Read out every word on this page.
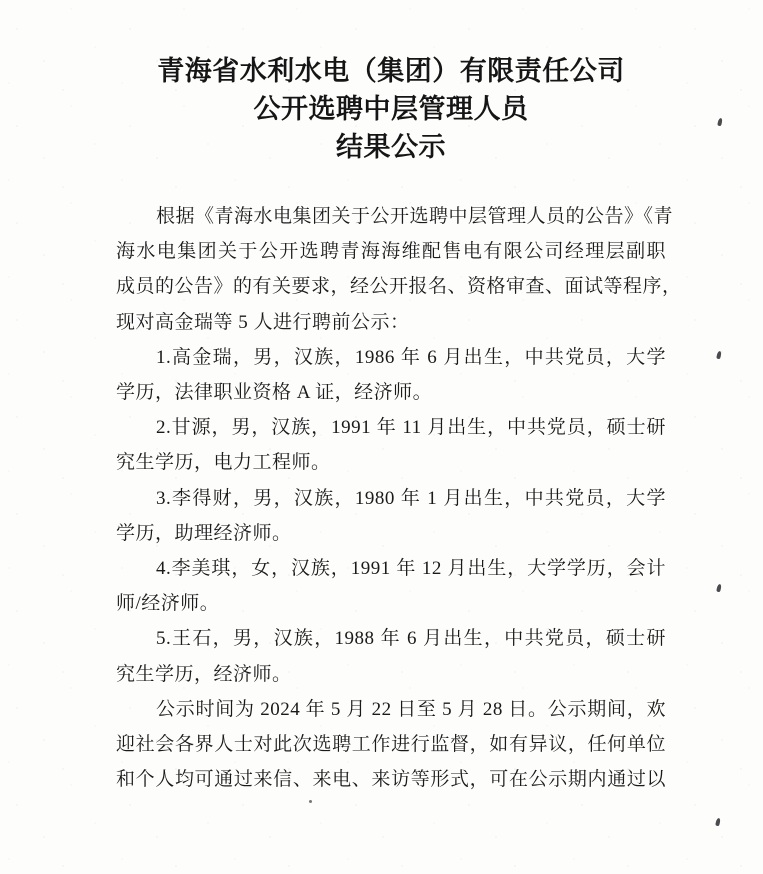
青海省水利水电（集团）有限责任公司
公开选聘中层管理人员
结果公示
根据《青海水电集团关于公开选聘中层管理人员的公告》《青
海水电集团关于公开选聘青海海维配售电有限公司经理层副职
成员的公告》的有关要求，经公开报名、资格审查、面试等程序，
现对高金瑞等 5 人进行聘前公示：
1.高金瑞，男，汉族，1986 年 6 月出生，中共党员，大学
学历，法律职业资格 A 证，经济师。
2.甘源，男，汉族，1991 年 11 月出生，中共党员，硕士研
究生学历，电力工程师。
3.李得财，男，汉族，1980 年 1 月出生，中共党员，大学
学历，助理经济师。
4.李美琪，女，汉族，1991 年 12 月出生，大学学历，会计
师/经济师。
5.王石，男，汉族，1988 年 6 月出生，中共党员，硕士研
究生学历，经济师。
公示时间为 2024 年 5 月 22 日至 5 月 28 日。公示期间，欢
迎社会各界人士对此次选聘工作进行监督，如有异议，任何单位
和个人均可通过来信、来电、来访等形式，可在公示期内通过以
